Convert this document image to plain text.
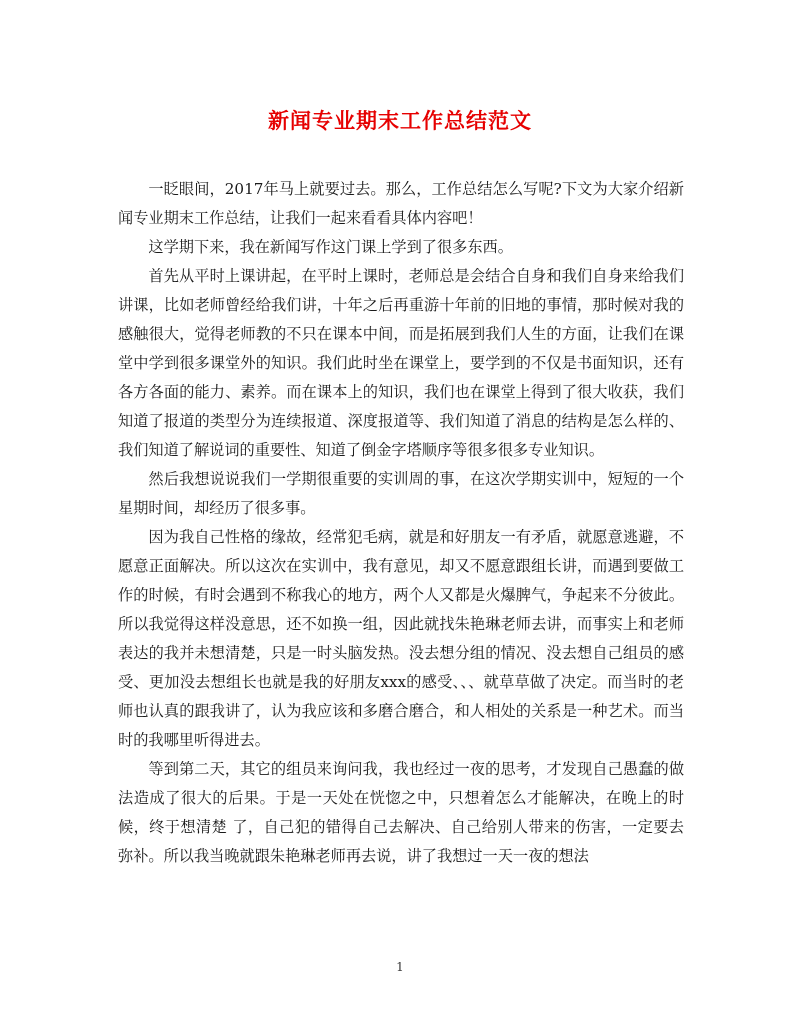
新闻专业期末工作总结范文

一眨眼间，2017年马上就要过去。那么，工作总结怎么写呢?下文为大家介绍新闻专业期末工作总结，让我们一起来看看具体内容吧！

这学期下来，我在新闻写作这门课上学到了很多东西。

首先从平时上课讲起，在平时上课时，老师总是会结合自身和我们自身来给我们讲课，比如老师曾经给我们讲，十年之后再重游十年前的旧地的事情，那时候对我的感触很大，觉得老师教的不只在课本中间，而是拓展到我们人生的方面，让我们在课堂中学到很多课堂外的知识。我们此时坐在课堂上，要学到的不仅是书面知识，还有各方各面的能力、素养。而在课本上的知识，我们也在课堂上得到了很大收获，我们知道了报道的类型分为连续报道、深度报道等、我们知道了消息的结构是怎么样的、我们知道了解说词的重要性、知道了倒金字塔顺序等很多很多专业知识。

然后我想说说我们一学期很重要的实训周的事，在这次学期实训中，短短的一个星期时间，却经历了很多事。

因为我自己性格的缘故，经常犯毛病，就是和好朋友一有矛盾，就愿意逃避，不愿意正面解决。所以这次在实训中，我有意见，却又不愿意跟组长讲，而遇到要做工作的时候，有时会遇到不称我心的地方，两个人又都是火爆脾气，争起来不分彼此。所以我觉得这样没意思，还不如换一组，因此就找朱艳琳老师去讲，而事实上和老师表达的我并未想清楚，只是一时头脑发热。没去想分组的情况、没去想自己组员的感受、更加没去想组长也就是我的好朋友xxx的感受、、、就草草做了决定。而当时的老师也认真的跟我讲了，认为我应该和多磨合磨合，和人相处的关系是一种艺术。而当时的我哪里听得进去。

等到第二天，其它的组员来询问我，我也经过一夜的思考，才发现自己愚蠢的做法造成了很大的后果。于是一天处在恍惚之中，只想着怎么才能解决，在晚上的时候，终于想清楚 了，自己犯的错得自己去解决、自己给别人带来的伤害，一定要去弥补。所以我当晚就跟朱艳琳老师再去说，讲了我想过一天一夜的想法

1
